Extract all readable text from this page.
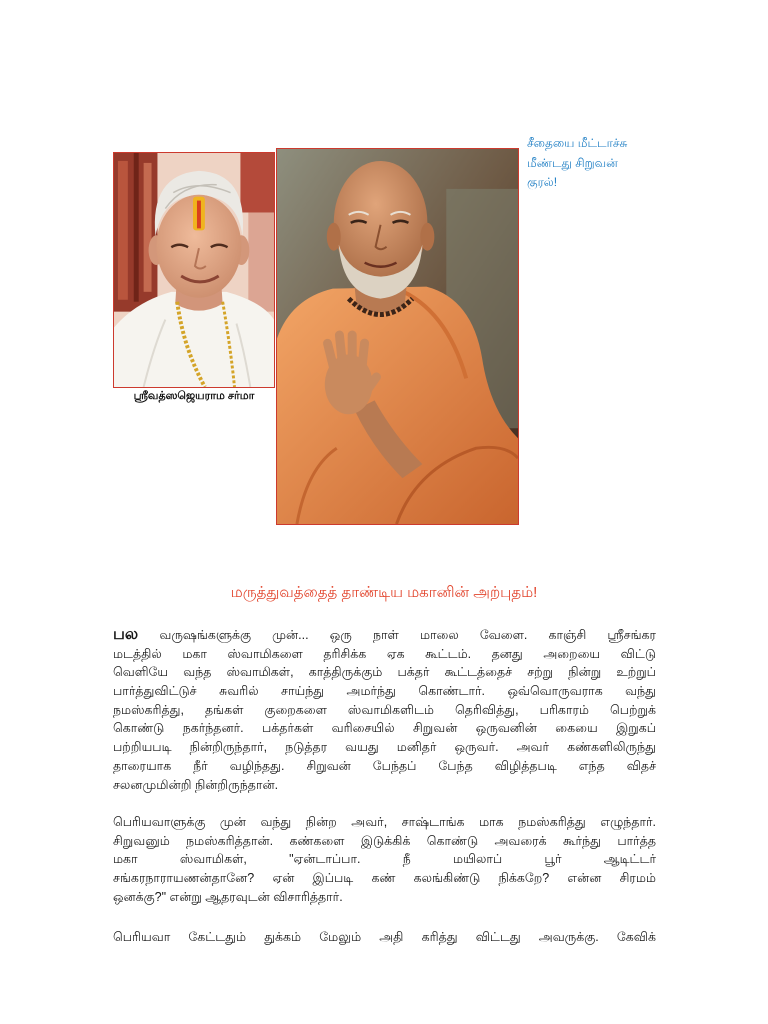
ஸ்ரீவத்ஸஜெயராம சர்மா
சீதையை மீட்டாச்சு
மீண்டது சிறுவன்
குரல்!
மருத்துவத்தைத் தாண்டிய மகானின் அற்புதம்!
பல வருஷங்களுக்கு முன்... ஒரு நாள் மாலை வேளை. காஞ்சி ஸ்ரீசங்கர
மடத்தில் மகா ஸ்வாமிகளை தரிசிக்க ஏக கூட்டம். தனது அறையை விட்டு
வெளியே வந்த ஸ்வாமிகள், காத்திருக்கும் பக்தர் கூட்டத்தைச் சற்று நின்று உற்றுப்
பார்த்துவிட்டுச் சுவரில் சாய்ந்து அமர்ந்து கொண்டார். ஒவ்வொருவராக வந்து
நமஸ்கரித்து, தங்கள் குறைகளை ஸ்வாமிகளிடம் தெரிவித்து, பரிகாரம் பெற்றுக்
கொண்டு நகர்ந்தனர். பக்தர்கள் வரிசையில் சிறுவன் ஒருவனின் கையை இறுகப்
பற்றியபடி நின்றிருந்தார், நடுத்தர வயது மனிதர் ஒருவர். அவர் கண்களிலிருந்து
தாரையாக நீர் வழிந்தது. சிறுவன் பேந்தப் பேந்த விழித்தபடி எந்த விதச்
சலனமுமின்றி நின்றிருந்தான்.
பெரியவாளுக்கு முன் வந்து நின்ற அவர், சாஷ்டாங்க மாக நமஸ்கரித்து எழுந்தார்.
சிறுவனும் நமஸ்கரித்தான். கண்களை இடுக்கிக் கொண்டு அவரைக் கூர்ந்து பார்த்த
மகா ஸ்வாமிகள், "ஏன்டாப்பா. நீ மயிலாப் பூர் ஆடிட்டர்
சங்கரநாராயணன்தானே? ஏன் இப்படி கண் கலங்கிண்டு நிக்கறே? என்ன சிரமம்
ஒனக்கு?" என்று ஆதரவுடன் விசாரித்தார்.
பெரியவா கேட்டதும் துக்கம் மேலும் அதி கரித்து விட்டது அவருக்கு. கேவிக்
